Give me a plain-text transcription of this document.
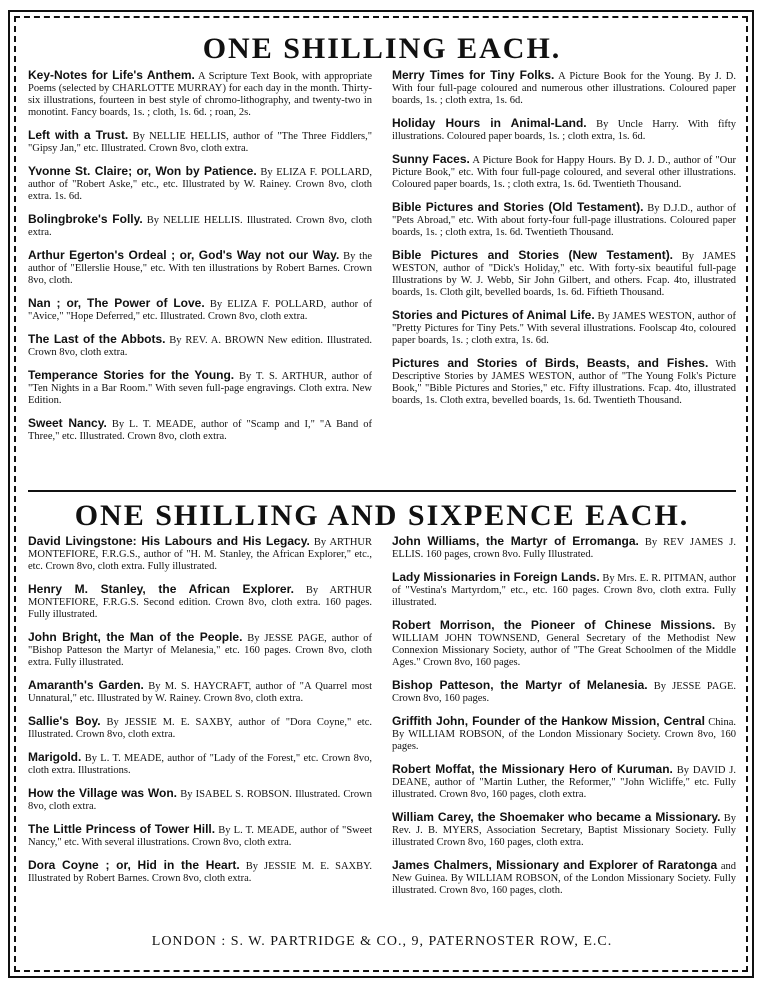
ONE SHILLING EACH.

Key-Notes for Life's Anthem. A Scripture Text Book, with appropriate Poems (selected by CHARLOTTE MURRAY) for each day in the month. Thirty-six illustrations, fourteen in best style of chromo-lithography, and twenty-two in monotint. Fancy boards, 1s. ; cloth, 1s. 6d. ; roan, 2s.

Left with a Trust. By NELLIE HELLIS, author of "The Three Fiddlers," "Gipsy Jan," etc. Illustrated. Crown 8vo, cloth extra.

Yvonne St. Claire; or, Won by Patience. By ELIZA F. POLLARD, author of "Robert Aske," etc., etc. Illustrated by W. Rainey. Crown 8vo, cloth extra. 1s. 6d.

Bolingbroke's Folly. By NELLIE HELLIS. Illustrated. Crown 8vo, cloth extra.

Arthur Egerton's Ordeal ; or, God's Way not our Way. By the author of "Ellerslie House," etc. With ten illustrations by Robert Barnes. Crown 8vo, cloth.

Nan ; or, The Power of Love. By ELIZA F. POLLARD, author of "Avice," "Hope Deferred," etc. Illustrated. Crown 8vo, cloth extra.

The Last of the Abbots. By REV. A. BROWN New edition. Illustrated. Crown 8vo, cloth extra.

Temperance Stories for the Young. By T. S. ARTHUR, author of "Ten Nights in a Bar Room." With seven full-page engravings. Cloth extra. New Edition.

Sweet Nancy. By L. T. MEADE, author of "Scamp and I," "A Band of Three," etc. Illustrated. Crown 8vo, cloth extra.

Merry Times for Tiny Folks. A Picture Book for the Young. By J. D. With four full-page coloured and numerous other illustrations. Coloured paper boards, 1s. ; cloth extra, 1s. 6d.

Holiday Hours in Animal-Land. By Uncle Harry. With fifty illustrations. Coloured paper boards, 1s. ; cloth extra, 1s. 6d.

Sunny Faces. A Picture Book for Happy Hours. By D. J. D., author of "Our Picture Book," etc. With four full-page coloured, and several other illustrations. Coloured paper boards, 1s. ; cloth extra, 1s. 6d. Twentieth Thousand.

Bible Pictures and Stories (Old Testament). By D.J.D., author of "Pets Abroad," etc. With about forty-four full-page illustrations. Coloured paper boards, 1s. ; cloth extra, 1s. 6d. Twentieth Thousand.

Bible Pictures and Stories (New Testament). By JAMES WESTON, author of "Dick's Holiday," etc. With forty-six beautiful full-page Illustrations by W. J. Webb, Sir John Gilbert, and others. Fcap. 4to, illustrated boards, 1s. Cloth gilt, bevelled boards, 1s. 6d. Fiftieth Thousand.

Stories and Pictures of Animal Life. By JAMES WESTON, author of "Pretty Pictures for Tiny Pets." With several illustrations. Foolscap 4to, coloured paper boards, 1s. ; cloth extra, 1s. 6d.

Pictures and Stories of Birds, Beasts, and Fishes. With Descriptive Stories by JAMES WESTON, author of "The Young Folk's Picture Book," "Bible Pictures and Stories," etc. Fifty illustrations. Fcap. 4to, illustrated boards, 1s. Cloth extra, bevelled boards, 1s. 6d. Twentieth Thousand.

ONE SHILLING AND SIXPENCE EACH.

David Livingstone: His Labours and His Legacy. By ARTHUR MONTEFIORE, F.R.G.S., author of "H. M. Stanley, the African Explorer," etc., etc. Crown 8vo, cloth extra. Fully illustrated.

Henry M. Stanley, the African Explorer. By ARTHUR MONTEFIORE, F.R.G.S. Second edition. Crown 8vo, cloth extra. 160 pages. Fully illustrated.

John Bright, the Man of the People. By JESSE PAGE, author of "Bishop Patteson the Martyr of Melanesia," etc. 160 pages. Crown 8vo, cloth extra. Fully illustrated.

Amaranth's Garden. By M. S. HAYCRAFT, author of "A Quarrel most Unnatural," etc. Illustrated by W. Rainey. Crown 8vo, cloth extra.

Sallie's Boy. By JESSIE M. E. SAXBY, author of "Dora Coyne," etc. Illustrated. Crown 8vo, cloth extra.

Marigold. By L. T. MEADE, author of "Lady of the Forest," etc. Crown 8vo, cloth extra. Illustrations.

How the Village was Won. By ISABEL S. ROBSON. Illustrated. Crown 8vo, cloth extra.

The Little Princess of Tower Hill. By L. T. MEADE, author of "Sweet Nancy," etc. With several illustrations. Crown 8vo, cloth extra.

Dora Coyne ; or, Hid in the Heart. By JESSIE M. E. SAXBY. Illustrated by Robert Barnes. Crown 8vo, cloth extra.

John Williams, the Martyr of Erromanga. By REV JAMES J. ELLIS. 160 pages, crown 8vo. Fully Illustrated.

Lady Missionaries in Foreign Lands. By Mrs. E. R. PITMAN, author of "Vestina's Martyrdom," etc., etc. 160 pages. Crown 8vo, cloth extra. Fully illustrated.

Robert Morrison, the Pioneer of Chinese Missions. By WILLIAM JOHN TOWNSEND, General Secretary of the Methodist New Connexion Missionary Society, author of "The Great Schoolmen of the Middle Ages." Crown 8vo, 160 pages.

Bishop Patteson, the Martyr of Melanesia. By JESSE PAGE. Crown 8vo, 160 pages.

Griffith John, Founder of the Hankow Mission, Central China. By WILLIAM ROBSON, of the London Missionary Society. Crown 8vo, 160 pages.

Robert Moffat, the Missionary Hero of Kuruman. By DAVID J. DEANE, author of "Martin Luther, the Reformer," "John Wicliffe," etc. Fully illustrated. Crown 8vo, 160 pages, cloth extra.

William Carey, the Shoemaker who became a Missionary. By Rev. J. B. MYERS, Association Secretary, Baptist Missionary Society. Fully illustrated Crown 8vo, 160 pages, cloth extra.

James Chalmers, Missionary and Explorer of Raratonga and New Guinea. By WILLIAM ROBSON, of the London Missionary Society. Fully illustrated. Crown 8vo, 160 pages, cloth.

LONDON : S. W. PARTRIDGE & CO., 9, PATERNOSTER ROW, E.C.
